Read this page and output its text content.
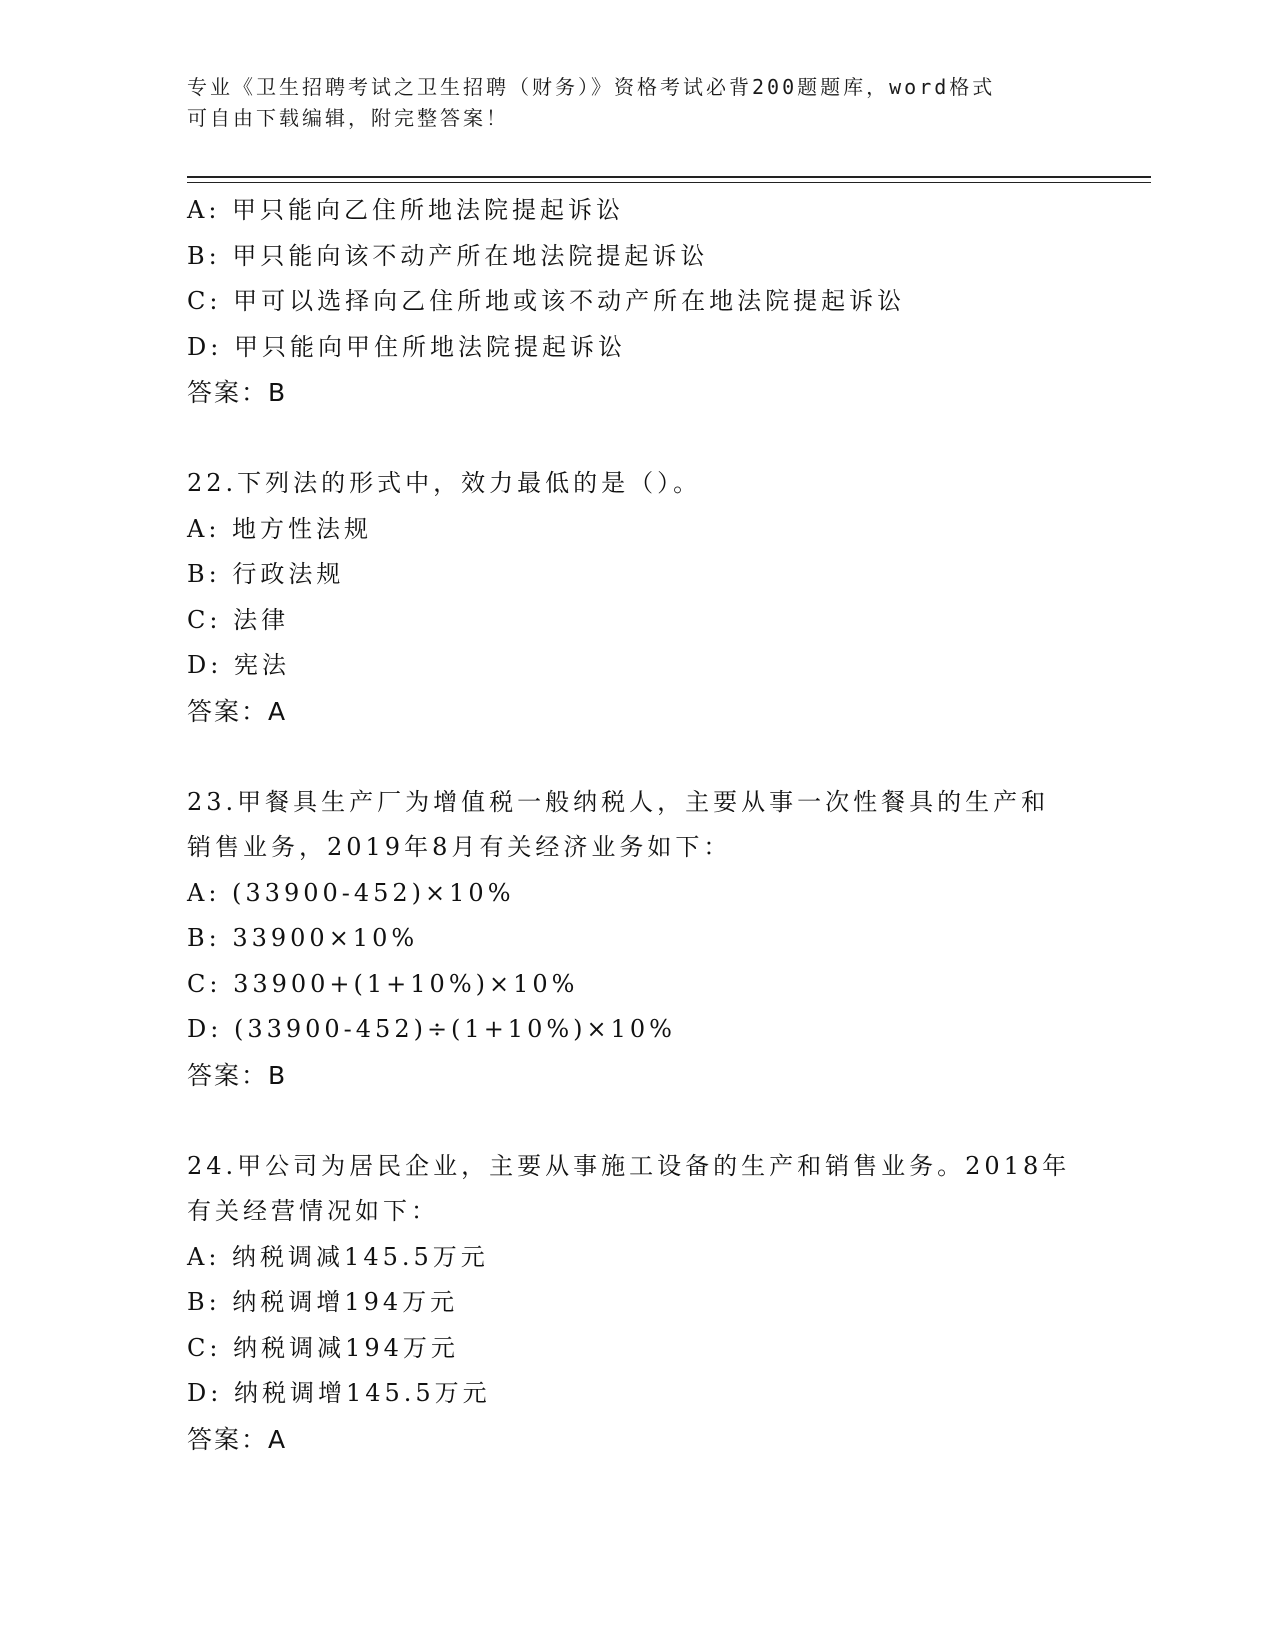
专业《卫生招聘考试之卫生招聘（财务）》资格考试必背200题题库，word格式
可自由下载编辑，附完整答案！
A: 甲只能向乙住所地法院提起诉讼
B: 甲只能向该不动产所在地法院提起诉讼
C: 甲可以选择向乙住所地或该不动产所在地法院提起诉讼
D: 甲只能向甲住所地法院提起诉讼
答案：B
22.下列法的形式中，效力最低的是（）。
A: 地方性法规
B: 行政法规
C: 法律
D: 宪法
答案：A
23.甲餐具生产厂为增值税一般纳税人，主要从事一次性餐具的生产和
销售业务，2019年8月有关经济业务如下：
A: (33900-452)×10%
B: 33900×10%
C: 33900+(1+10%)×10%
D: (33900-452)÷(1+10%)×10%
答案：B
24.甲公司为居民企业，主要从事施工设备的生产和销售业务。2018年
有关经营情况如下：
A: 纳税调减145.5万元
B: 纳税调增194万元
C: 纳税调减194万元
D: 纳税调增145.5万元
答案：A
